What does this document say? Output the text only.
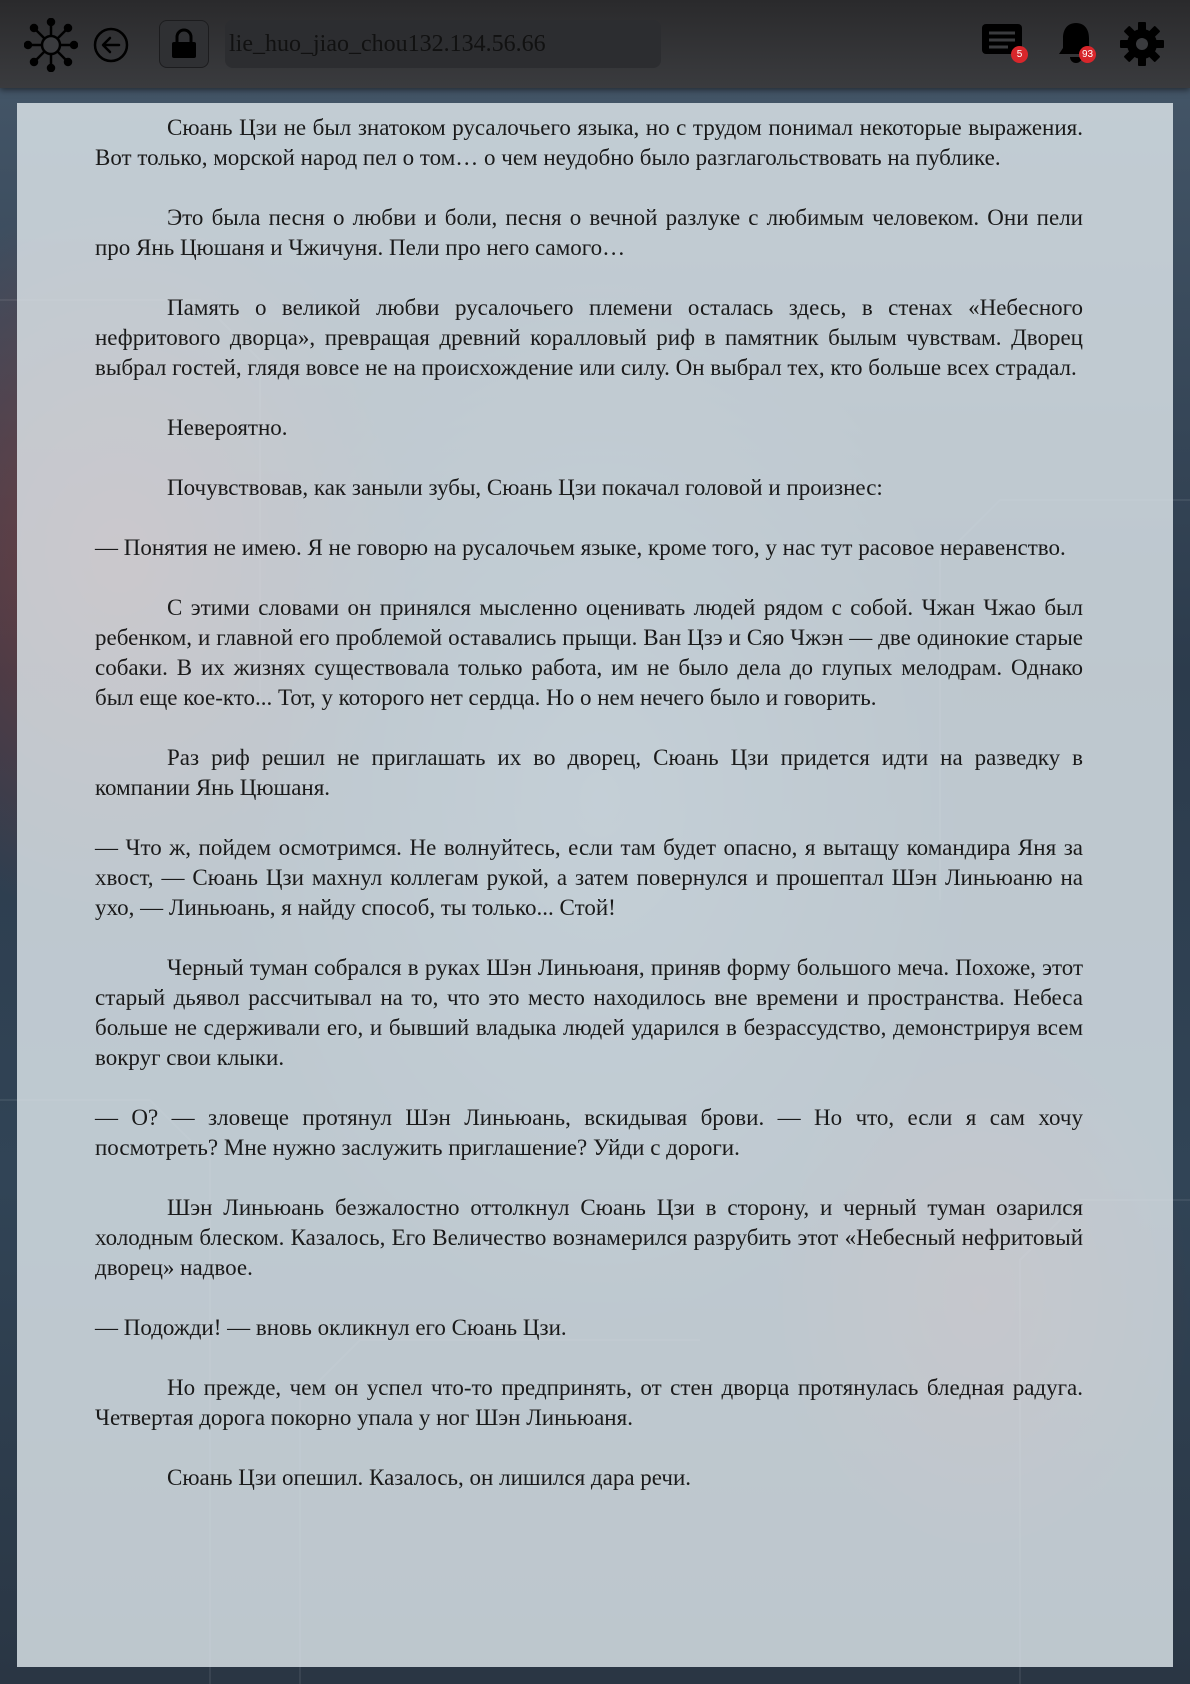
lie_huo_jiao_chou132.134.56.66	5	93

Сюань Цзи не был знатоком русалочьего языка, но с трудом понимал некоторые выражения. Вот только, морской народ пел о том… о чем неудобно было разглагольствовать на публике.

Это была песня о любви и боли, песня о вечной разлуке с любимым человеком. Они пели про Янь Цюшаня и Чжичуня. Пели про него самого…

Память о великой любви русалочьего племени осталась здесь, в стенах «Небесного нефритового дворца», превращая древний коралловый риф в памятник былым чувствам. Дворец выбрал гостей, глядя вовсе не на происхождение или силу. Он выбрал тех, кто больше всех страдал.

Невероятно.

Почувствовав, как заныли зубы, Сюань Цзи покачал головой и произнес:

— Понятия не имею. Я не говорю на русалочьем языке, кроме того, у нас тут расовое неравенство.

С этими словами он принялся мысленно оценивать людей рядом с собой. Чжан Чжао был ребенком, и главной его проблемой оставались прыщи. Ван Цзэ и Сяо Чжэн — две одинокие старые собаки. В их жизнях существовала только работа, им не было дела до глупых мелодрам. Однако был еще кое-кто... Тот, у которого нет сердца. Но о нем нечего было и говорить.

Раз риф решил не приглашать их во дворец, Сюань Цзи придется идти на разведку в компании Янь Цюшаня.

— Что ж, пойдем осмотримся. Не волнуйтесь, если там будет опасно, я вытащу командира Яня за хвост, — Сюань Цзи махнул коллегам рукой, а затем повернулся и прошептал Шэн Линьюаню на ухо, — Линьюань, я найду способ, ты только... Стой!

Черный туман собрался в руках Шэн Линьюаня, приняв форму большого меча. Похоже, этот старый дьявол рассчитывал на то, что это место находилось вне времени и пространства. Небеса больше не сдерживали его, и бывший владыка людей ударился в безрассудство, демонстрируя всем вокруг свои клыки.

— О? — зловеще протянул Шэн Линьюань, вскидывая брови. — Но что, если я сам хочу посмотреть? Мне нужно заслужить приглашение? Уйди с дороги.

Шэн Линьюань безжалостно оттолкнул Сюань Цзи в сторону, и черный туман озарился холодным блеском. Казалось, Его Величество вознамерился разрубить этот «Небесный нефритовый дворец» надвое.

— Подожди! — вновь окликнул его Сюань Цзи.

Но прежде, чем он успел что-то предпринять, от стен дворца протянулась бледная радуга. Четвертая дорога покорно упала у ног Шэн Линьюаня.

Сюань Цзи опешил. Казалось, он лишился дара речи.
